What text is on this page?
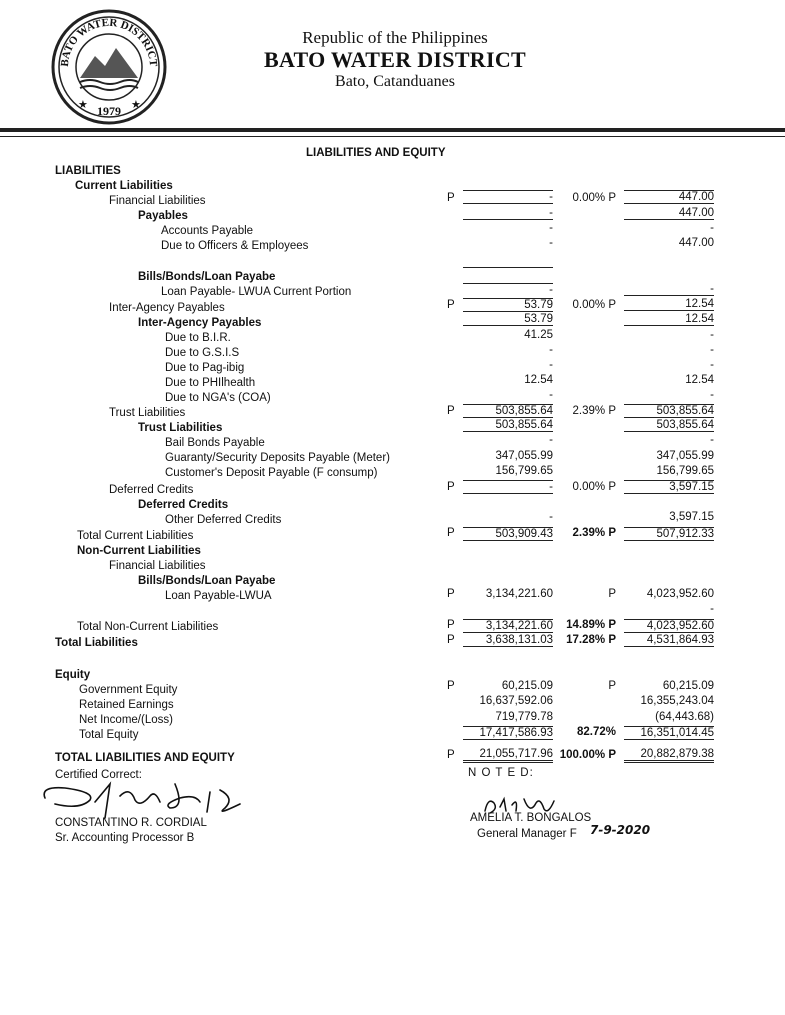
BATO WATER DISTRICT
1979
★	★
Republic of the Philippines
BATO WATER DISTRICT
Bato, Catanduanes
LIABILITIES AND EQUITY
LIABILITIES
Current Liabilities
Financial Liabilities
Payables
Accounts Payable
Due to Officers & Employees
Bills/Bonds/Loan Payabe
Loan Payable- LWUA Current Portion
Inter-Agency Payables
Inter-Agency Payables
Due to B.I.R.
Due to G.S.I.S
Due to Pag-ibig
Due to PHIlhealth
Due to NGA's (COA)
Trust Liabilities
Trust Liabilities
Bail Bonds Payable
Guaranty/Security Deposits Payable (Meter)
Customer's Deposit Payable (F consump)
Deferred Credits
Deferred Credits
Other Deferred Credits
Total Current Liabilities
Non-Current Liabilities
Financial Liabilities
Bills/Bonds/Loan Payabe
Loan Payable-LWUA
Total Non-Current Liabilities
Total Liabilities
Equity
Government Equity
Retained Earnings
Net Income/(Loss)
Total Equity
TOTAL LIABILITIES AND EQUITY
P
P
P
P
P
P
P
P
P
P
-
-
-
-
-
53.79
53.79
41.25
-
-
12.54
-
503,855.64
503,855.64
-
347,055.99
156,799.65
-
-
503,909.43
3,134,221.60
3,134,221.60
3,638,131.03
60,215.09
16,637,592.06
719,779.78
17,417,586.93
21,055,717.96
0.00% P
0.00% P
2.39% P
0.00% P
2.39% P
P
14.89% P
17.28% P
P
82.72%
100.00% P
447.00
447.00
-
447.00
-
12.54
12.54
-
-
-
12.54
-
503,855.64
503,855.64
-
347,055.99
156,799.65
3,597.15
3,597.15
507,912.33
4,023,952.60
-
4,023,952.60
4,531,864.93
60,215.09
16,355,243.04
(64,443.68)
16,351,014.45
20,882,879.38
Certified Correct:	N O T E D:
CONSTANTINO R. CORDIAL
Sr. Accounting Processor B
AMELIA T. BONGALOS
General Manager F 7-9-2020
